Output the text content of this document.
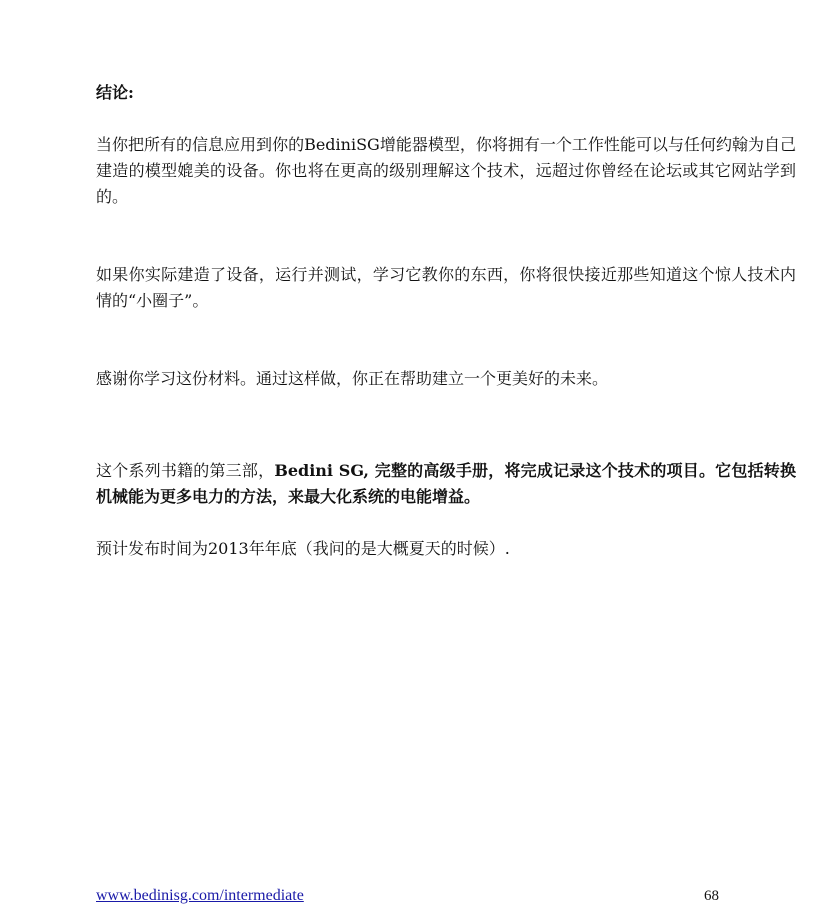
结论:

当你把所有的信息应用到你的BediniSG增能器模型，你将拥有一个工作性能可以与任何约翰为自己建造的模型媲美的设备。你也将在更高的级别理解这个技术，远超过你曾经在论坛或其它网站学到的。

如果你实际建造了设备，运行并测试，学习它教你的东西，你将很快接近那些知道这个惊人技术内情的“小圈子”。

感谢你学习这份材料。通过这样做，你正在帮助建立一个更美好的未来。

这个系列书籍的第三部，Bedini SG, 完整的高级手册，将完成记录这个技术的项目。它包括转换机械能为更多电力的方法，来最大化系统的电能增益。

预计发布时间为2013年年底（我问的是大概夏天的时候）.

www.bedinisg.com/intermediate	68
